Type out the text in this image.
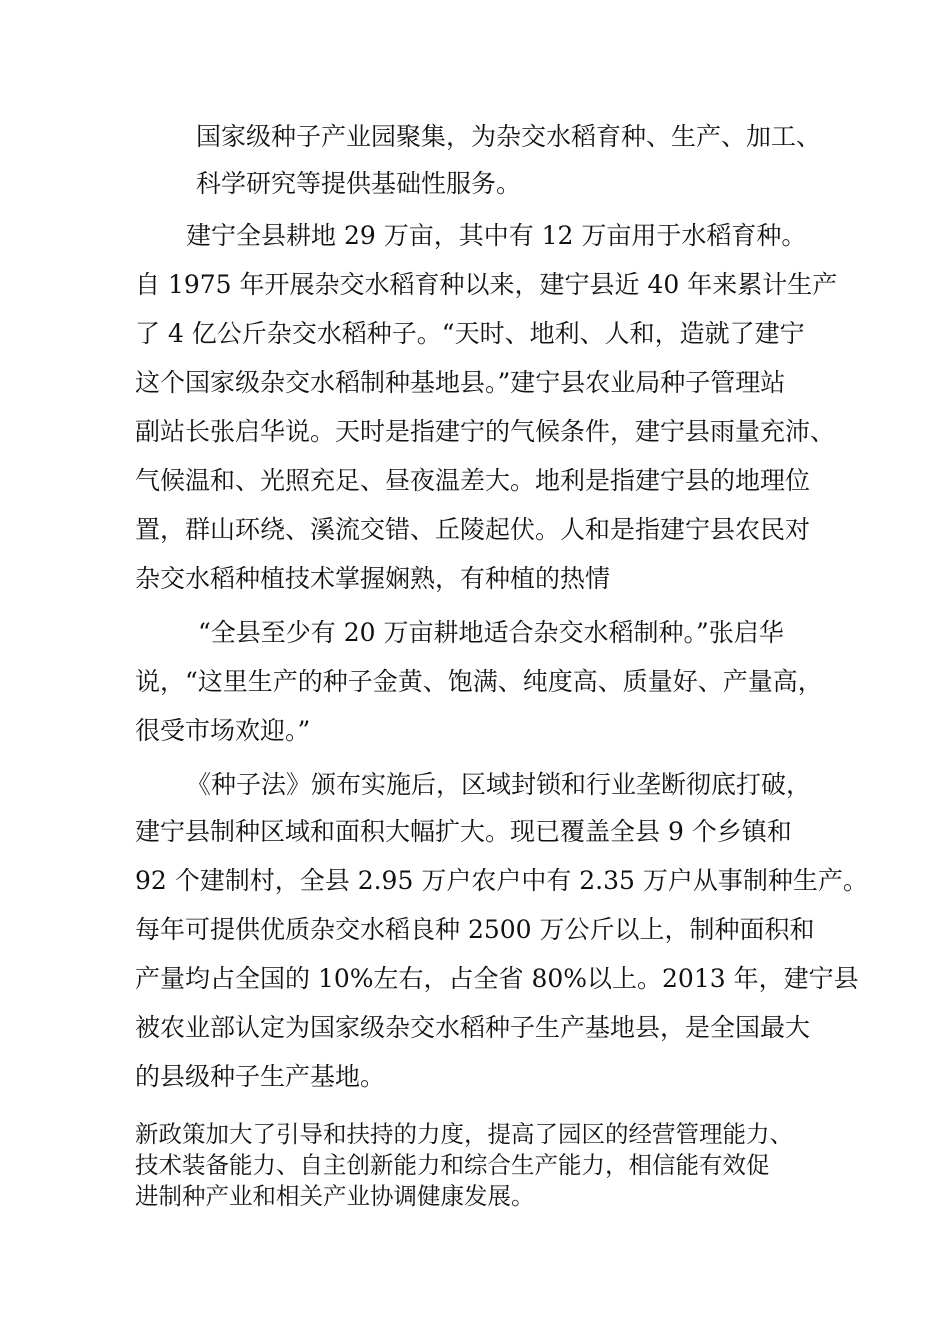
国家级种子产业园聚集，为杂交水稻育种、生产、加工、
科学研究等提供基础性服务。
建宁全县耕地 29 万亩，其中有 12 万亩用于水稻育种。
自 1975 年开展杂交水稻育种以来，建宁县近 40 年来累计生产
了 4 亿公斤杂交水稻种子。“天时、地利、人和，造就了建宁
这个国家级杂交水稻制种基地县。”建宁县农业局种子管理站
副站长张启华说。天时是指建宁的气候条件，建宁县雨量充沛、
气候温和、光照充足、昼夜温差大。地利是指建宁县的地理位
置，群山环绕、溪流交错、丘陵起伏。人和是指建宁县农民对
杂交水稻种植技术掌握娴熟，有种植的热情
“全县至少有 20 万亩耕地适合杂交水稻制种。”张启华
说，“这里生产的种子金黄、饱满、纯度高、质量好、产量高，
很受市场欢迎。”
《种子法》颁布实施后，区域封锁和行业垄断彻底打破，
建宁县制种区域和面积大幅扩大。现已覆盖全县 9 个乡镇和
92 个建制村，全县 2.95 万户农户中有 2.35 万户从事制种生产。
每年可提供优质杂交水稻良种 2500 万公斤以上，制种面积和
产量均占全国的 10%左右，占全省 80%以上。2013 年，建宁县
被农业部认定为国家级杂交水稻种子生产基地县，是全国最大
的县级种子生产基地。
新政策加大了引导和扶持的力度，提高了园区的经营管理能力、
技术装备能力、自主创新能力和综合生产能力，相信能有效促
进制种产业和相关产业协调健康发展。
